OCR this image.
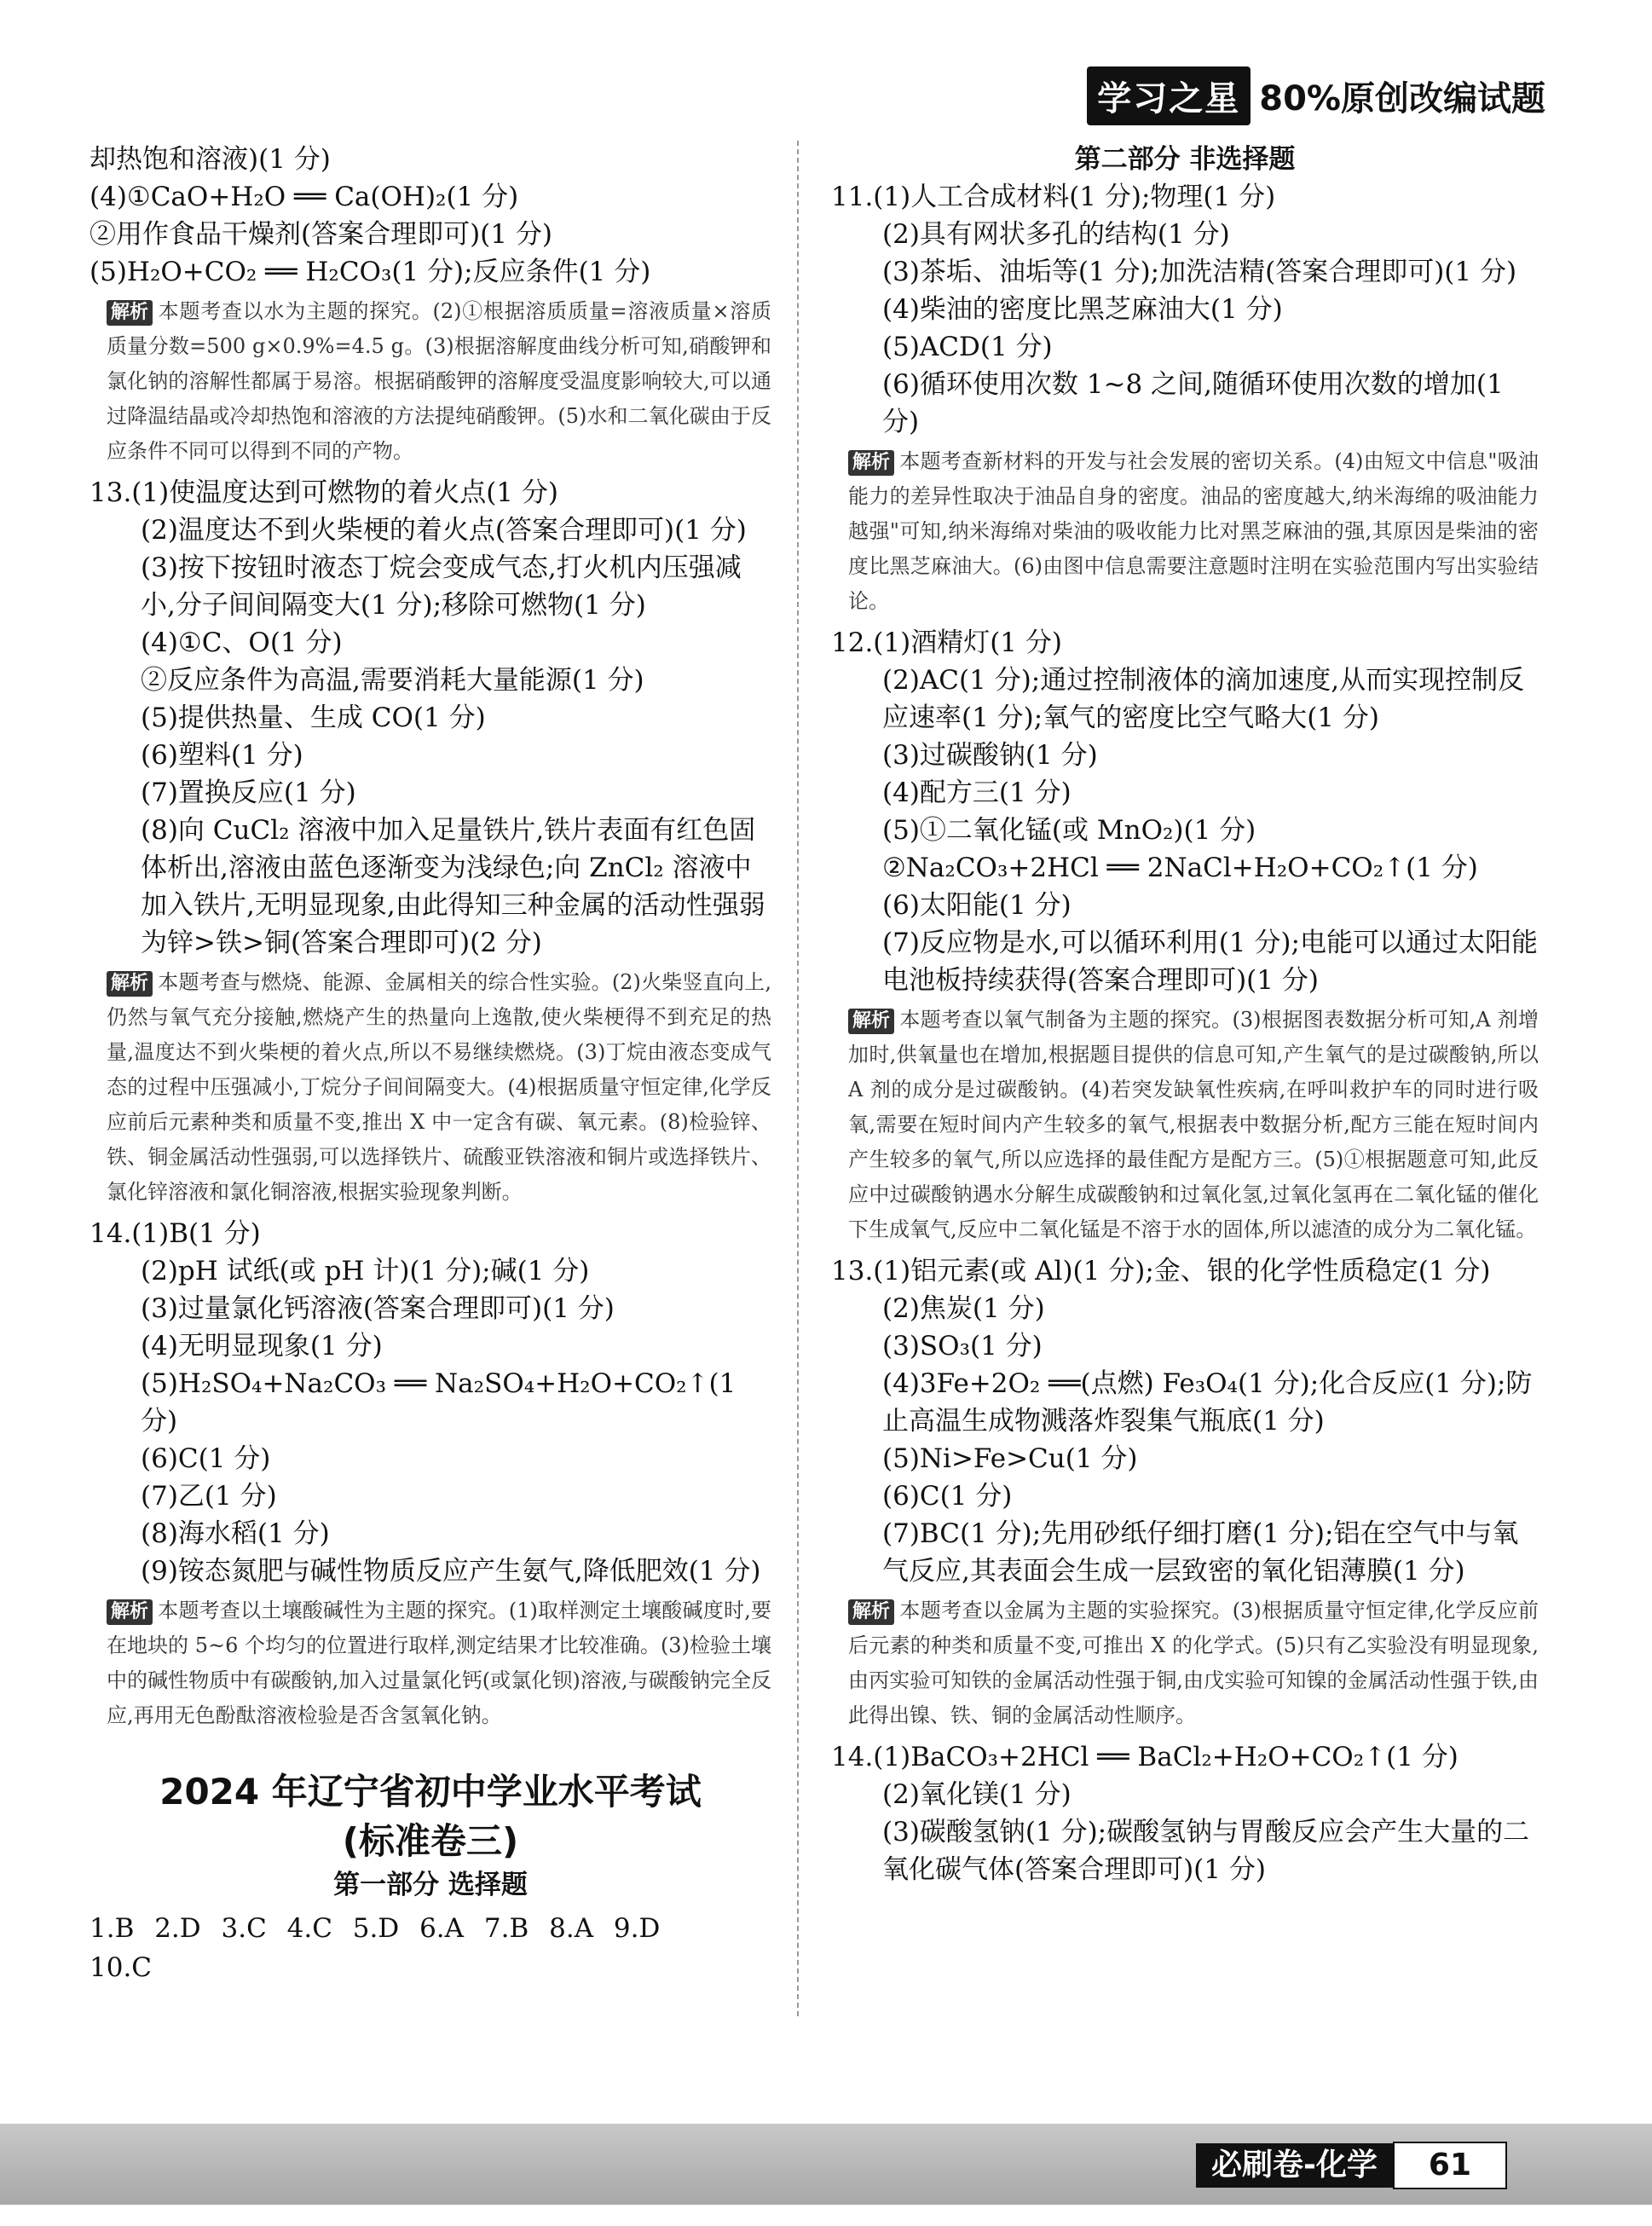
学习之星 80%原创改编试题

却热饱和溶液)(1 分)

(4)①CaO+H₂O ══ Ca(OH)₂(1 分)

②用作食品干燥剂(答案合理即可)(1 分)

(5)H₂O+CO₂ ══ H₂CO₃(1 分);反应条件(1 分)

解析 本题考查以水为主题的探究。(2)①根据溶质质量=溶液质量×溶质质量分数=500 g×0.9%=4.5 g。(3)根据溶解度曲线分析可知,硝酸钾和氯化钠的溶解性都属于易溶。根据硝酸钾的溶解度受温度影响较大,可以通过降温结晶或冷却热饱和溶液的方法提纯硝酸钾。(5)水和二氧化碳由于反应条件不同可以得到不同的产物。

13.(1)使温度达到可燃物的着火点(1 分)

(2)温度达不到火柴梗的着火点(答案合理即可)(1 分)

(3)按下按钮时液态丁烷会变成气态,打火机内压强减小,分子间间隔变大(1 分);移除可燃物(1 分)

(4)①C、O(1 分)

②反应条件为高温,需要消耗大量能源(1 分)

(5)提供热量、生成 CO(1 分)

(6)塑料(1 分)

(7)置换反应(1 分)

(8)向 CuCl₂ 溶液中加入足量铁片,铁片表面有红色固体析出,溶液由蓝色逐渐变为浅绿色;向 ZnCl₂ 溶液中加入铁片,无明显现象,由此得知三种金属的活动性强弱为锌>铁>铜(答案合理即可)(2 分)

解析 本题考查与燃烧、能源、金属相关的综合性实验。(2)火柴竖直向上,仍然与氧气充分接触,燃烧产生的热量向上逸散,使火柴梗得不到充足的热量,温度达不到火柴梗的着火点,所以不易继续燃烧。(3)丁烷由液态变成气态的过程中压强减小,丁烷分子间间隔变大。(4)根据质量守恒定律,化学反应前后元素种类和质量不变,推出 X 中一定含有碳、氧元素。(8)检验锌、铁、铜金属活动性强弱,可以选择铁片、硫酸亚铁溶液和铜片或选择铁片、氯化锌溶液和氯化铜溶液,根据实验现象判断。

14.(1)B(1 分)

(2)pH 试纸(或 pH 计)(1 分);碱(1 分)

(3)过量氯化钙溶液(答案合理即可)(1 分)

(4)无明显现象(1 分)

(5)H₂SO₄+Na₂CO₃ ══ Na₂SO₄+H₂O+CO₂↑(1 分)

(6)C(1 分)

(7)乙(1 分)

(8)海水稻(1 分)

(9)铵态氮肥与碱性物质反应产生氨气,降低肥效(1 分)

解析 本题考查以土壤酸碱性为主题的探究。(1)取样测定土壤酸碱度时,要在地块的 5~6 个均匀的位置进行取样,测定结果才比较准确。(3)检验土壤中的碱性物质中有碳酸钠,加入过量氯化钙(或氯化钡)溶液,与碳酸钠完全反应,再用无色酚酞溶液检验是否含氢氧化钠。
2024 年辽宁省初中学业水平考试
(标准卷三)

第一部分 选择题

1.B 2.D 3.C 4.C 5.D 6.A 7.B 8.A 9.D
10.C

第二部分 非选择题

11.(1)人工合成材料(1 分);物理(1 分)

(2)具有网状多孔的结构(1 分)

(3)茶垢、油垢等(1 分);加洗洁精(答案合理即可)(1 分)

(4)柴油的密度比黑芝麻油大(1 分)

(5)ACD(1 分)

(6)循环使用次数 1~8 之间,随循环使用次数的增加(1 分)

解析 本题考查新材料的开发与社会发展的密切关系。(4)由短文中信息"吸油能力的差异性取决于油品自身的密度。油品的密度越大,纳米海绵的吸油能力越强"可知,纳米海绵对柴油的吸收能力比对黑芝麻油的强,其原因是柴油的密度比黑芝麻油大。(6)由图中信息需要注意题时注明在实验范围内写出实验结论。

12.(1)酒精灯(1 分)

(2)AC(1 分);通过控制液体的滴加速度,从而实现控制反应速率(1 分);氧气的密度比空气略大(1 分)

(3)过碳酸钠(1 分)

(4)配方三(1 分)

(5)①二氧化锰(或 MnO₂)(1 分)

②Na₂CO₃+2HCl ══ 2NaCl+H₂O+CO₂↑(1 分)

(6)太阳能(1 分)

(7)反应物是水,可以循环利用(1 分);电能可以通过太阳能电池板持续获得(答案合理即可)(1 分)

解析 本题考查以氧气制备为主题的探究。(3)根据图表数据分析可知,A 剂增加时,供氧量也在增加,根据题目提供的信息可知,产生氧气的是过碳酸钠,所以 A 剂的成分是过碳酸钠。(4)若突发缺氧性疾病,在呼叫救护车的同时进行吸氧,需要在短时间内产生较多的氧气,根据表中数据分析,配方三能在短时间内产生较多的氧气,所以应选择的最佳配方是配方三。(5)①根据题意可知,此反应中过碳酸钠遇水分解生成碳酸钠和过氧化氢,过氧化氢再在二氧化锰的催化下生成氧气,反应中二氧化锰是不溶于水的固体,所以滤渣的成分为二氧化锰。

13.(1)铝元素(或 Al)(1 分);金、银的化学性质稳定(1 分)

(2)焦炭(1 分)

(3)SO₃(1 分)

(4)3Fe+2O₂ ══(点燃) Fe₃O₄(1 分);化合反应(1 分);防止高温生成物溅落炸裂集气瓶底(1 分)

(5)Ni>Fe>Cu(1 分)

(6)C(1 分)

(7)BC(1 分);先用砂纸仔细打磨(1 分);铝在空气中与氧气反应,其表面会生成一层致密的氧化铝薄膜(1 分)

解析 本题考查以金属为主题的实验探究。(3)根据质量守恒定律,化学反应前后元素的种类和质量不变,可推出 X 的化学式。(5)只有乙实验没有明显现象,由丙实验可知铁的金属活动性强于铜,由戊实验可知镍的金属活动性强于铁,由此得出镍、铁、铜的金属活动性顺序。

14.(1)BaCO₃+2HCl ══ BaCl₂+H₂O+CO₂↑(1 分)

(2)氧化镁(1 分)

(3)碳酸氢钠(1 分);碳酸氢钠与胃酸反应会产生大量的二氧化碳气体(答案合理即可)(1 分)

必刷卷-化学	61
